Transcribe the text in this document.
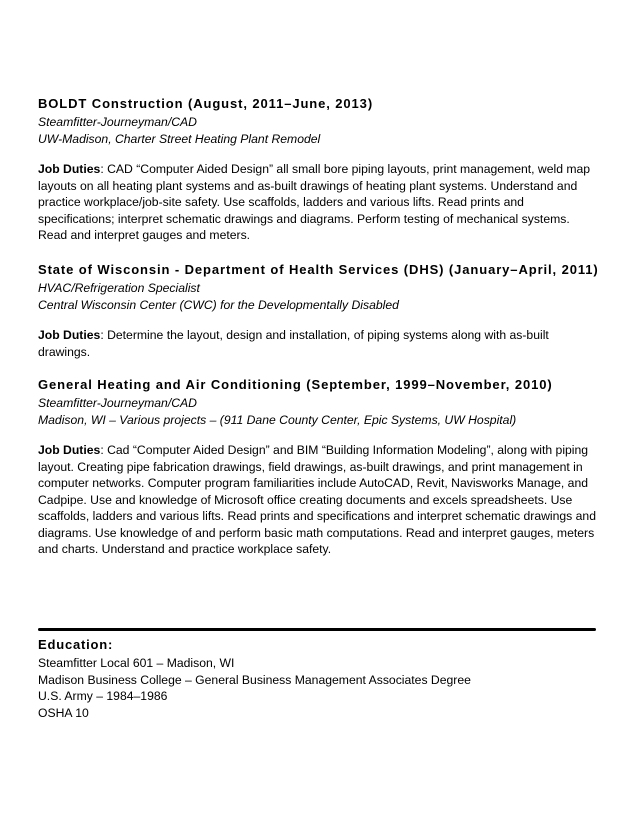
BOLDT Construction (August, 2011–June, 2013)
Steamfitter-Journeyman/CAD
UW-Madison, Charter Street Heating Plant Remodel
Job Duties: CAD “Computer Aided Design” all small bore piping layouts, print management, weld map layouts on all heating plant systems and as-built drawings of heating plant systems. Understand and practice workplace/job-site safety. Use scaffolds, ladders and various lifts. Read prints and specifications; interpret schematic drawings and diagrams. Perform testing of mechanical systems. Read and interpret gauges and meters.
State of Wisconsin - Department of Health Services (DHS) (January–April, 2011)
HVAC/Refrigeration Specialist
Central Wisconsin Center (CWC) for the Developmentally Disabled
Job Duties: Determine the layout, design and installation, of piping systems along with as-built drawings.
General Heating and Air Conditioning (September, 1999–November, 2010)
Steamfitter-Journeyman/CAD
Madison, WI – Various projects – (911 Dane County Center, Epic Systems, UW Hospital)
Job Duties: Cad “Computer Aided Design” and BIM “Building Information Modeling”, along with piping layout. Creating pipe fabrication drawings, field drawings, as-built drawings, and print management in computer networks. Computer program familiarities include AutoCAD, Revit, Navisworks Manage, and Cadpipe. Use and knowledge of Microsoft office creating documents and excels spreadsheets. Use scaffolds, ladders and various lifts. Read prints and specifications and interpret schematic drawings and diagrams. Use knowledge of and perform basic math computations. Read and interpret gauges, meters and charts. Understand and practice workplace safety.
Education:
Steamfitter Local 601 – Madison, WI
Madison Business College – General Business Management Associates Degree
U.S. Army – 1984–1986
OSHA 10
